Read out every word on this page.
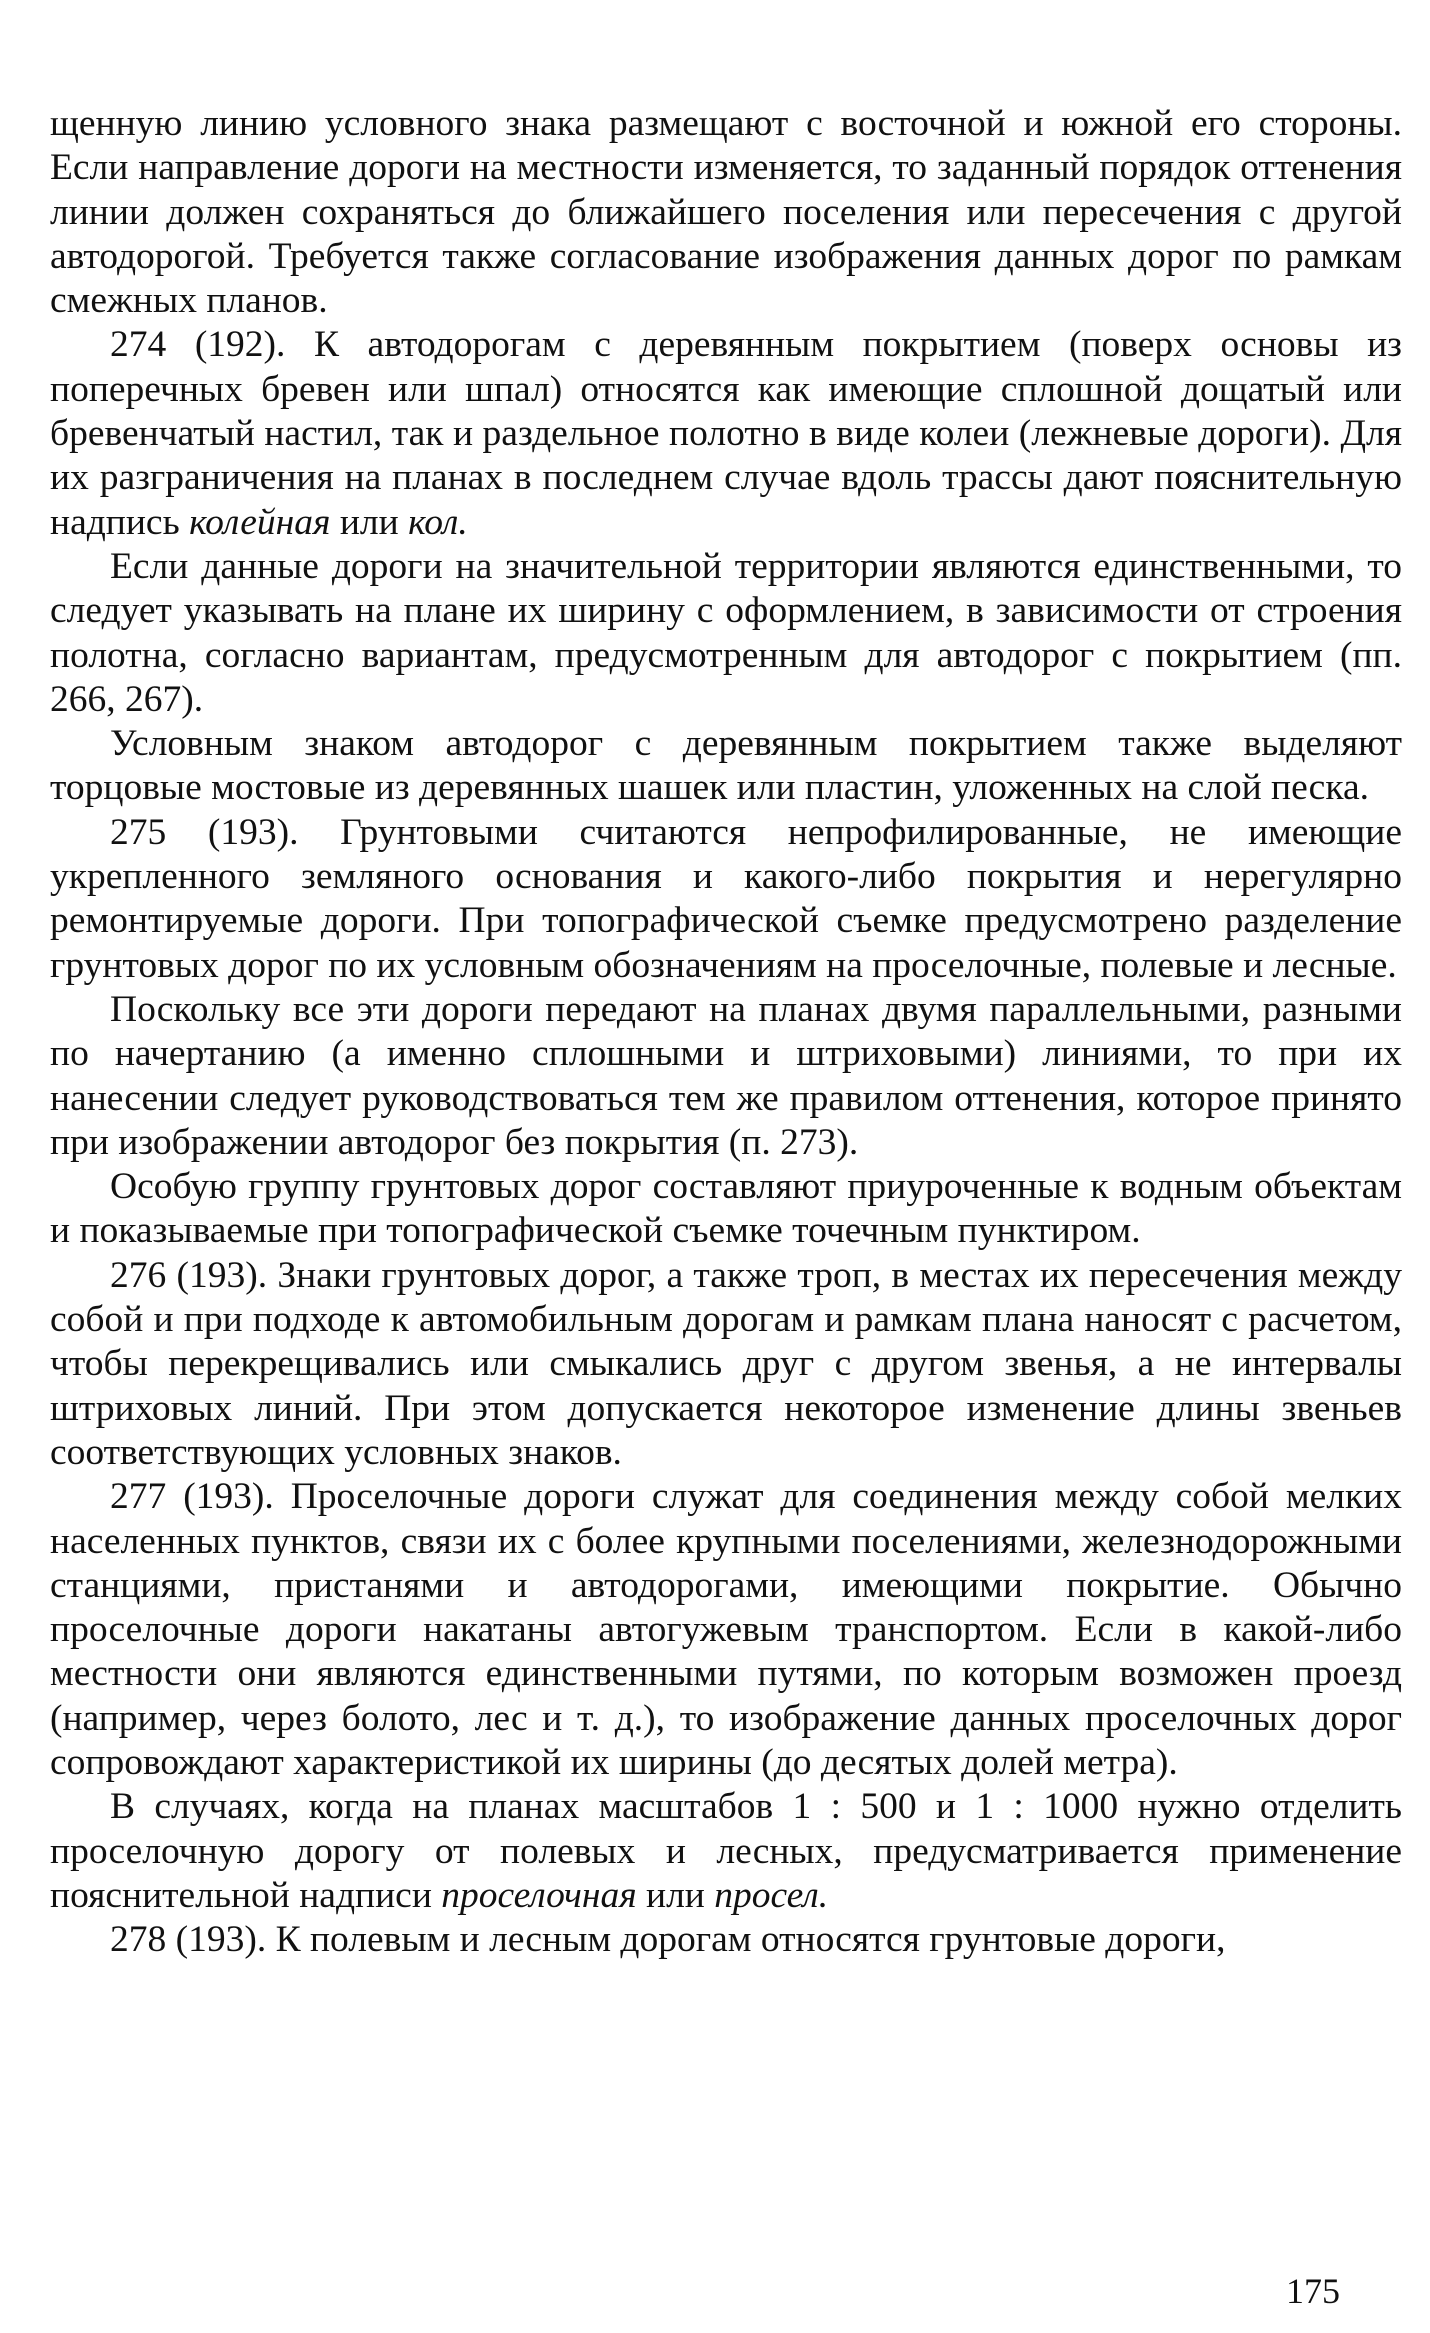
щенную линию условного знака размещают с восточной и южной его стороны. Если направление дороги на местности изменяется, то заданный порядок оттенения линии должен сохраняться до ближайшего поселения или пересечения с другой автодорогой. Требуется также согласование изображения данных дорог по рамкам смежных планов.

274 (192). К автодорогам с деревянным покрытием (поверх основы из поперечных бревен или шпал) относятся как имеющие сплошной дощатый или бревенчатый настил, так и раздельное полотно в виде колеи (лежневые дороги). Для их разграничения на планах в последнем случае вдоль трассы дают пояснительную надпись колейная или кол.

Если данные дороги на значительной территории являются единственными, то следует указывать на плане их ширину с оформлением, в зависимости от строения полотна, согласно вариантам, предусмотренным для автодорог с покрытием (пп. 266, 267).

Условным знаком автодорог с деревянным покрытием также выделяют торцовые мостовые из деревянных шашек или пластин, уложенных на слой песка.

275 (193). Грунтовыми считаются непрофилированные, не имеющие укрепленного земляного основания и какого-либо покрытия и нерегулярно ремонтируемые дороги. При топографической съемке предусмотрено разделение грунтовых дорог по их условным обозначениям на проселочные, полевые и лесные.

Поскольку все эти дороги передают на планах двумя параллельными, разными по начертанию (а именно сплошными и штриховыми) линиями, то при их нанесении следует руководствоваться тем же правилом оттенения, которое принято при изображении автодорог без покрытия (п. 273).

Особую группу грунтовых дорог составляют приуроченные к водным объектам и показываемые при топографической съемке точечным пунктиром.

276 (193). Знаки грунтовых дорог, а также троп, в местах их пересечения между собой и при подходе к автомобильным дорогам и рамкам плана наносят с расчетом, чтобы перекрещивались или смыкались друг с другом звенья, а не интервалы штриховых линий. При этом допускается некоторое изменение длины звеньев соответствующих условных знаков.

277 (193). Проселочные дороги служат для соединения между собой мелких населенных пунктов, связи их с более крупными поселениями, железнодорожными станциями, пристанями и автодорогами, имеющими покрытие. Обычно проселочные дороги накатаны автогужевым транспортом. Если в какой-либо местности они являются единственными путями, по которым возможен проезд (например, через болото, лес и т. д.), то изображение данных проселочных дорог сопровождают характеристикой их ширины (до десятых долей метра).

В случаях, когда на планах масштабов 1 : 500 и 1 : 1000 нужно отделить проселочную дорогу от полевых и лесных, предусматривается применение пояснительной надписи проселочная или просел.

278 (193). К полевым и лесным дорогам относятся грунтовые дороги,

175
